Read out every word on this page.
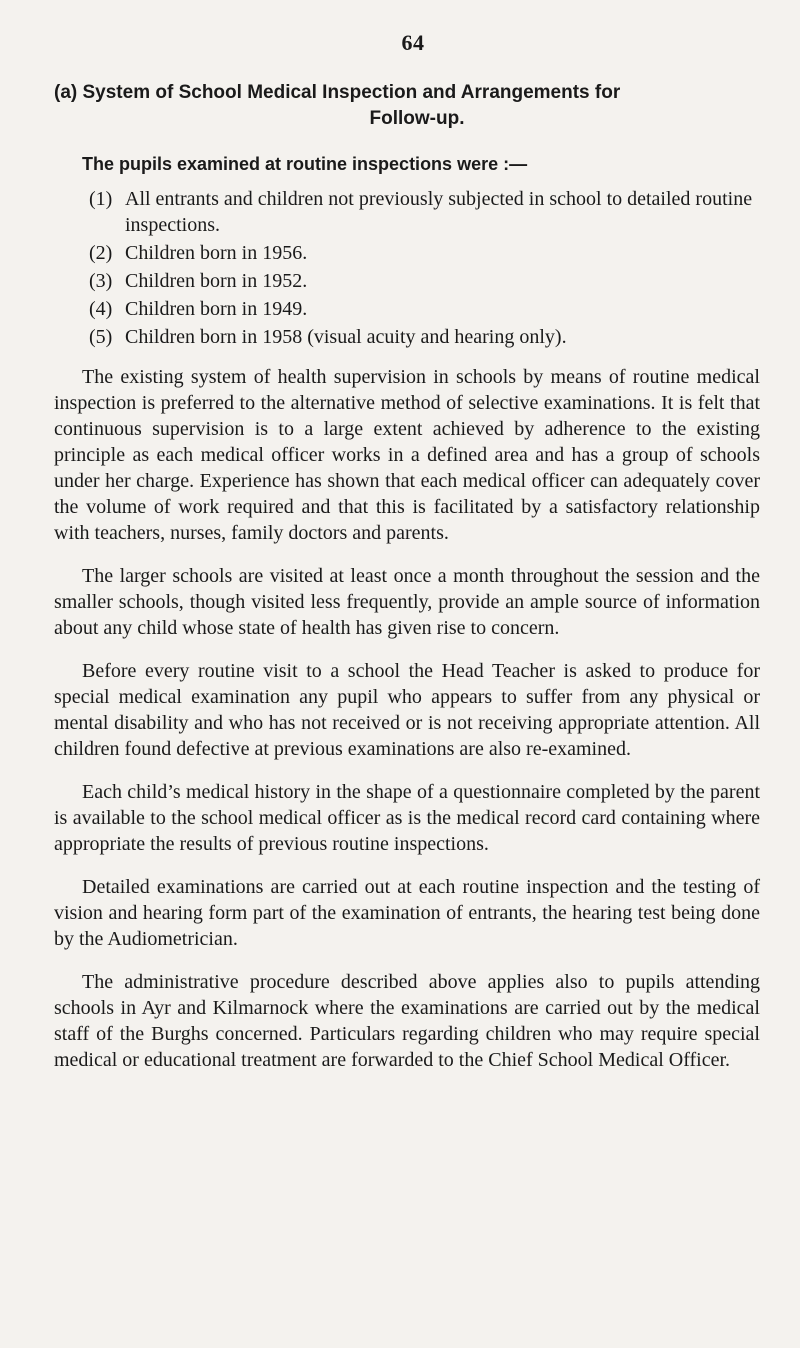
64
(a) System of School Medical Inspection and Arrangements for
Follow-up.
The pupils examined at routine inspections were :—
(1) All entrants and children not previously subjected in school to detailed routine inspections.
(2) Children born in 1956.
(3) Children born in 1952.
(4) Children born in 1949.
(5) Children born in 1958 (visual acuity and hearing only).

The existing system of health supervision in schools by means of routine medical inspection is preferred to the alternative method of selective examinations. It is felt that continuous supervision is to a large extent achieved by adherence to the existing principle as each medical officer works in a defined area and has a group of schools under her charge. Experience has shown that each medical officer can adequately cover the volume of work required and that this is facilitated by a satisfactory relationship with teachers, nurses, family doctors and parents.

The larger schools are visited at least once a month throughout the session and the smaller schools, though visited less frequently, provide an ample source of information about any child whose state of health has given rise to concern.

Before every routine visit to a school the Head Teacher is asked to produce for special medical examination any pupil who appears to suffer from any physical or mental disability and who has not received or is not receiving appropriate attention. All children found defective at previous examinations are also re-examined.

Each child’s medical history in the shape of a questionnaire completed by the parent is available to the school medical officer as is the medical record card containing where appropriate the results of previous routine inspections.

Detailed examinations are carried out at each routine inspection and the testing of vision and hearing form part of the examination of entrants, the hearing test being done by the Audiometrician.

The administrative procedure described above applies also to pupils attending schools in Ayr and Kilmarnock where the examinations are carried out by the medical staff of the Burghs concerned. Particulars regarding children who may require special medical or educational treatment are forwarded to the Chief School Medical Officer.
